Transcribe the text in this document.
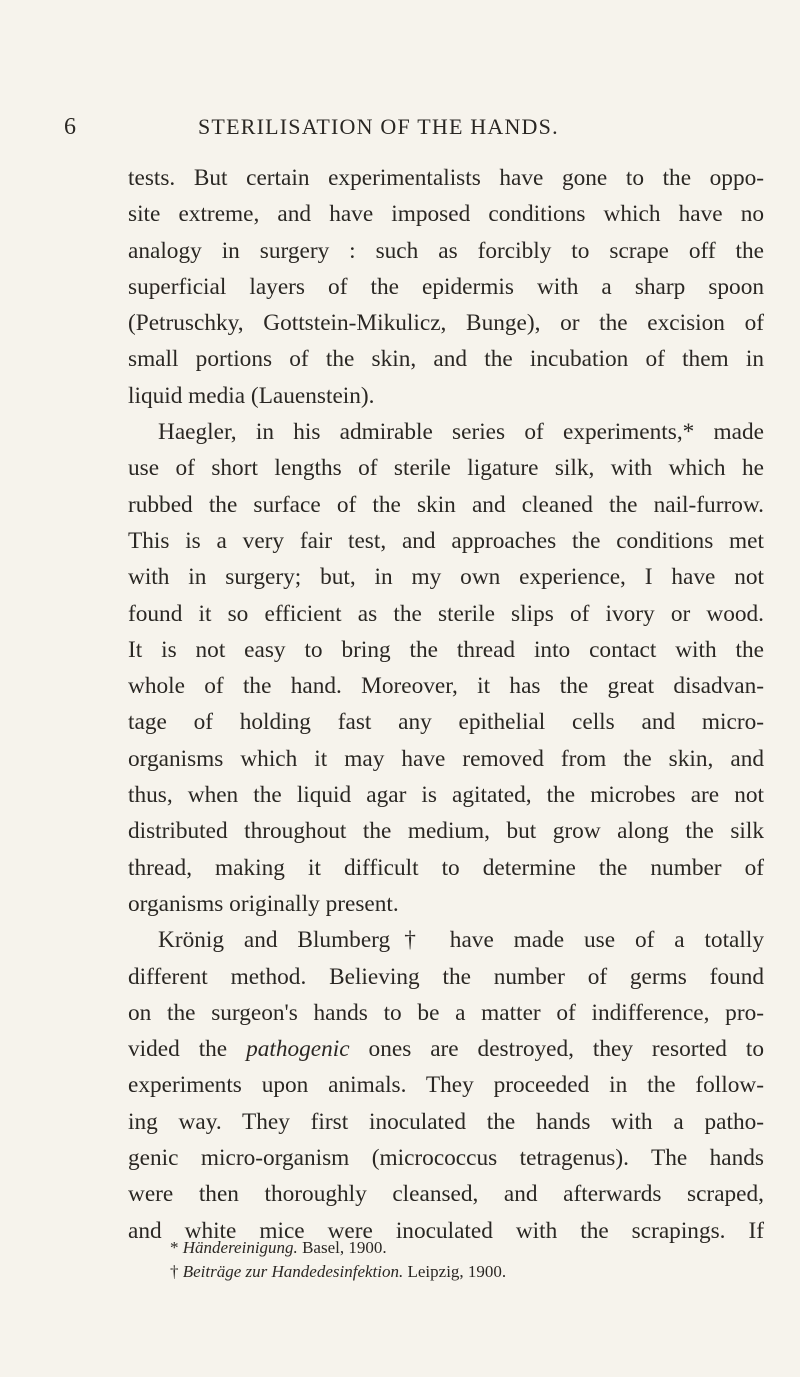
6	STERILISATION OF THE HANDS.
tests. But certain experimentalists have gone to the oppo-
site extreme, and have imposed conditions which have no
analogy in surgery : such as forcibly to scrape off the
superficial layers of the epidermis with a sharp spoon
(Petruschky, Gottstein-Mikulicz, Bunge), or the excision of
small portions of the skin, and the incubation of them in
liquid media (Lauenstein).
Haegler, in his admirable series of experiments,* made
use of short lengths of sterile ligature silk, with which he
rubbed the surface of the skin and cleaned the nail-furrow.
This is a very fair test, and approaches the conditions met
with in surgery; but, in my own experience, I have not
found it so efficient as the sterile slips of ivory or wood.
It is not easy to bring the thread into contact with the
whole of the hand. Moreover, it has the great disadvan-
tage of holding fast any epithelial cells and micro-
organisms which it may have removed from the skin, and
thus, when the liquid agar is agitated, the microbes are not
distributed throughout the medium, but grow along the silk
thread, making it difficult to determine the number of
organisms originally present.
Krönig and Blumberg† have made use of a totally
different method. Believing the number of germs found
on the surgeon's hands to be a matter of indifference, pro-
vided the pathogenic ones are destroyed, they resorted to
experiments upon animals. They proceeded in the follow-
ing way. They first inoculated the hands with a patho-
genic micro-organism (micrococcus tetragenus). The hands
were then thoroughly cleansed, and afterwards scraped,
and white mice were inoculated with the scrapings. If
* Händereinigung. Basel, 1900.
† Beiträge zur Handedesinfektion. Leipzig, 1900.
